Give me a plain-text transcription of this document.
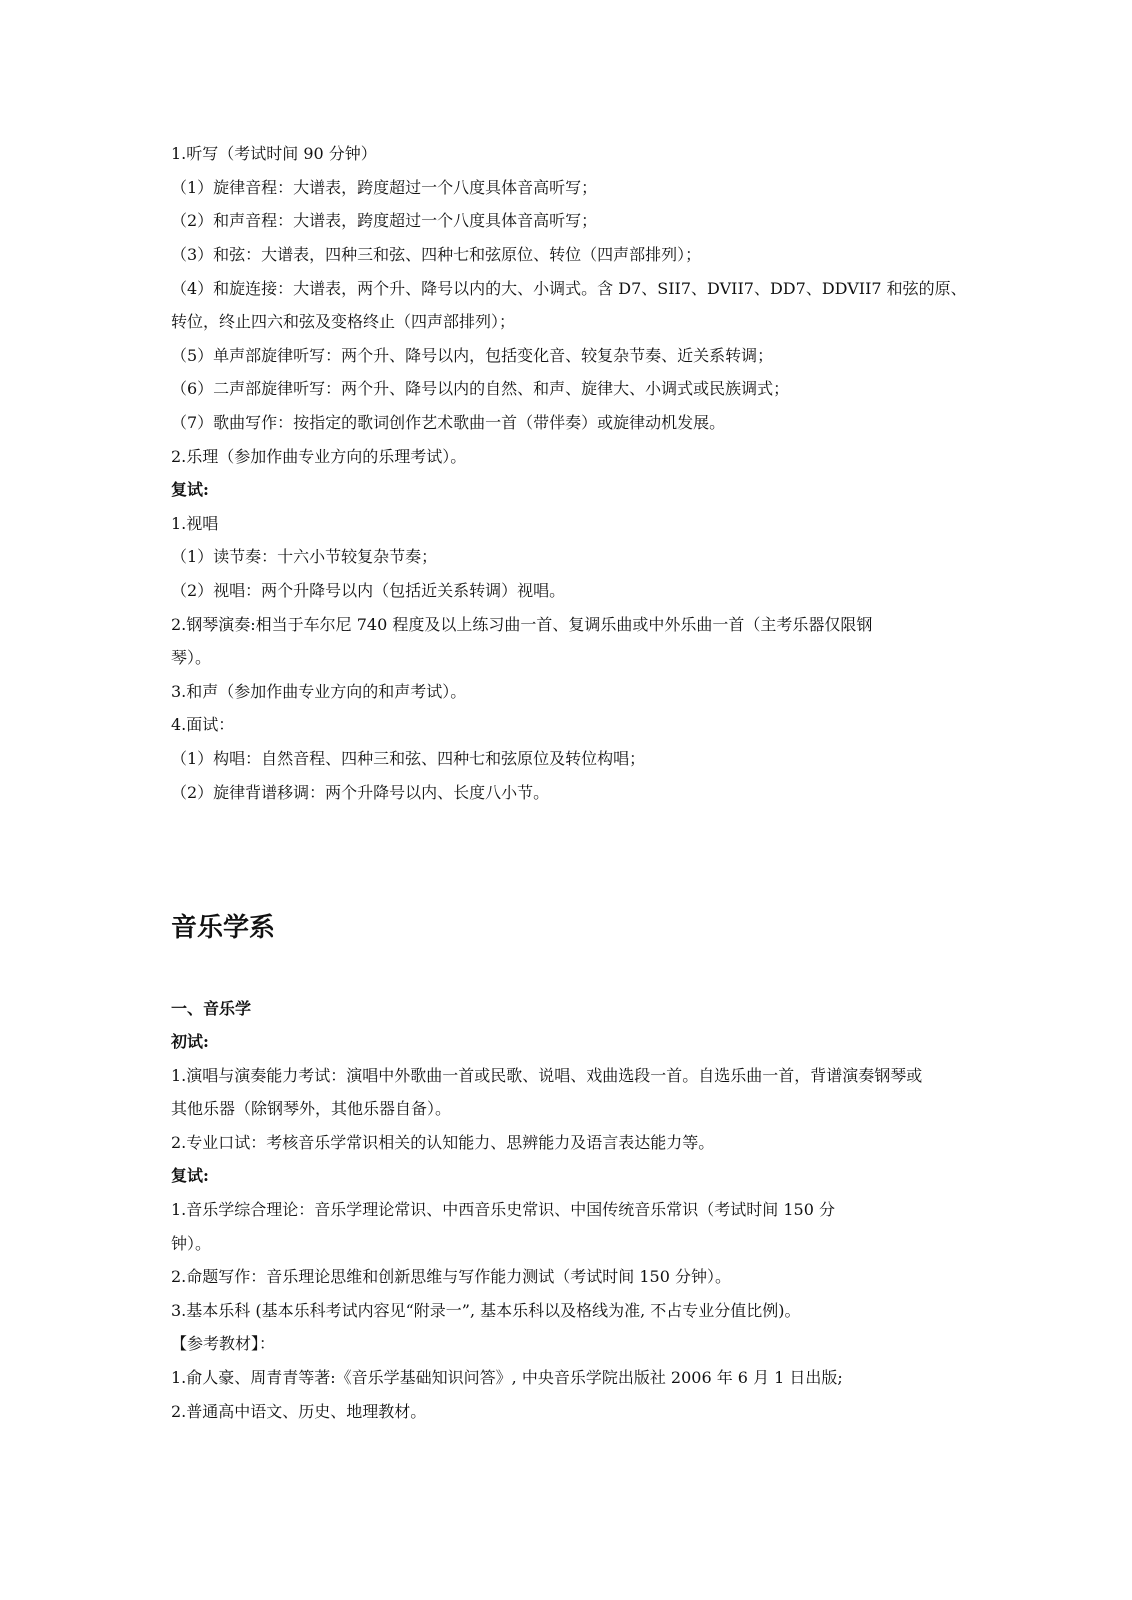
1.听写（考试时间 90 分钟）
（1）旋律音程：大谱表，跨度超过一个八度具体音高听写；
（2）和声音程：大谱表，跨度超过一个八度具体音高听写；
（3）和弦：大谱表，四种三和弦、四种七和弦原位、转位（四声部排列）；
（4）和旋连接：大谱表，两个升、降号以内的大、小调式。含 D7、SII7、DVII7、DD7、DDVII7 和弦的原、
转位，终止四六和弦及变格终止（四声部排列）；
（5）单声部旋律听写：两个升、降号以内，包括变化音、较复杂节奏、近关系转调；
（6）二声部旋律听写：两个升、降号以内的自然、和声、旋律大、小调式或民族调式；
（7）歌曲写作：按指定的歌词创作艺术歌曲一首（带伴奏）或旋律动机发展。
2.乐理（参加作曲专业方向的乐理考试）。
复试:
1.视唱
（1）读节奏：十六小节较复杂节奏；
（2）视唱：两个升降号以内（包括近关系转调）视唱。
2.钢琴演奏:相当于车尔尼 740 程度及以上练习曲一首、复调乐曲或中外乐曲一首（主考乐器仅限钢
琴）。
3.和声（参加作曲专业方向的和声考试）。
4.面试：
（1）构唱：自然音程、四种三和弦、四种七和弦原位及转位构唱；
（2）旋律背谱移调：两个升降号以内、长度八小节。
音乐学系
一、音乐学
初试:
1.演唱与演奏能力考试：演唱中外歌曲一首或民歌、说唱、戏曲选段一首。自选乐曲一首，背谱演奏钢琴或
其他乐器（除钢琴外，其他乐器自备）。
2.专业口试：考核音乐学常识相关的认知能力、思辨能力及语言表达能力等。
复试:
1.音乐学综合理论：音乐学理论常识、中西音乐史常识、中国传统音乐常识（考试时间 150 分
钟）。
2.命题写作：音乐理论思维和创新思维与写作能力测试（考试时间 150 分钟）。
3.基本乐科 (基本乐科考试内容见“附录一”, 基本乐科以及格线为准, 不占专业分值比例)。
【参考教材】：
1.俞人豪、周青青等著:《音乐学基础知识问答》, 中央音乐学院出版社 2006 年 6 月 1 日出版;
2.普通高中语文、历史、地理教材。
